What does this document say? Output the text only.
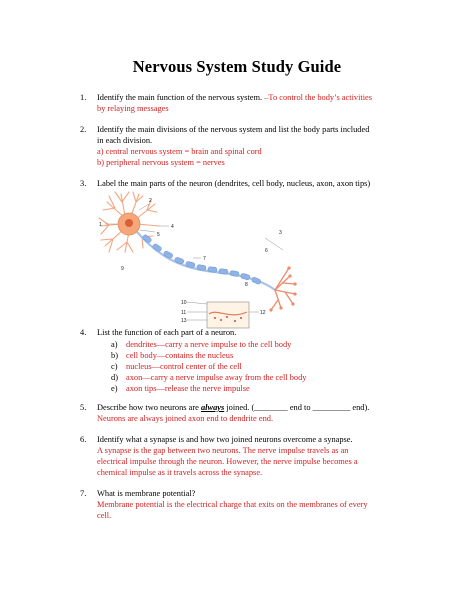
Nervous System Study Guide
1. Identify the main function of the nervous system. –To control the body’s activities
by relaying messages
2. Identify the main divisions of the nervous system and list the body parts included
in each division.
a) central nervous system = brain and spinal cord
b) peripheral nervous system = nerves
3. Label the main parts of the neuron (dendrites, cell body, nucleus, axon, axon tips)
1
2
3
4
5
6
7
8
9
10
11	12
13
4. List the function of each part of a neuron.
a) dendrites—carry a nerve impulse to the cell body
b) cell body—contains the nucleus
c) nucleus—control center of the cell
d) axon—carry a nerve impulse away from the cell body
e) axon tips—release the nerve impulse
5. Describe how two neurons are always joined. (________ end to _________ end).
Neurons are always joined axon end to dendrite end.
6. Identify what a synapse is and how two joined neurons overcome a synapse.
A synapse is the gap between two neurons. The nerve impulse travels as an
electrical impulse through the neuron. However, the nerve impulse becomes a
chemical impulse as it travels across the synapse.
7. What is membrane potential?
Membrane potential is the electrical charge that exits on the membranes of every
cell.
